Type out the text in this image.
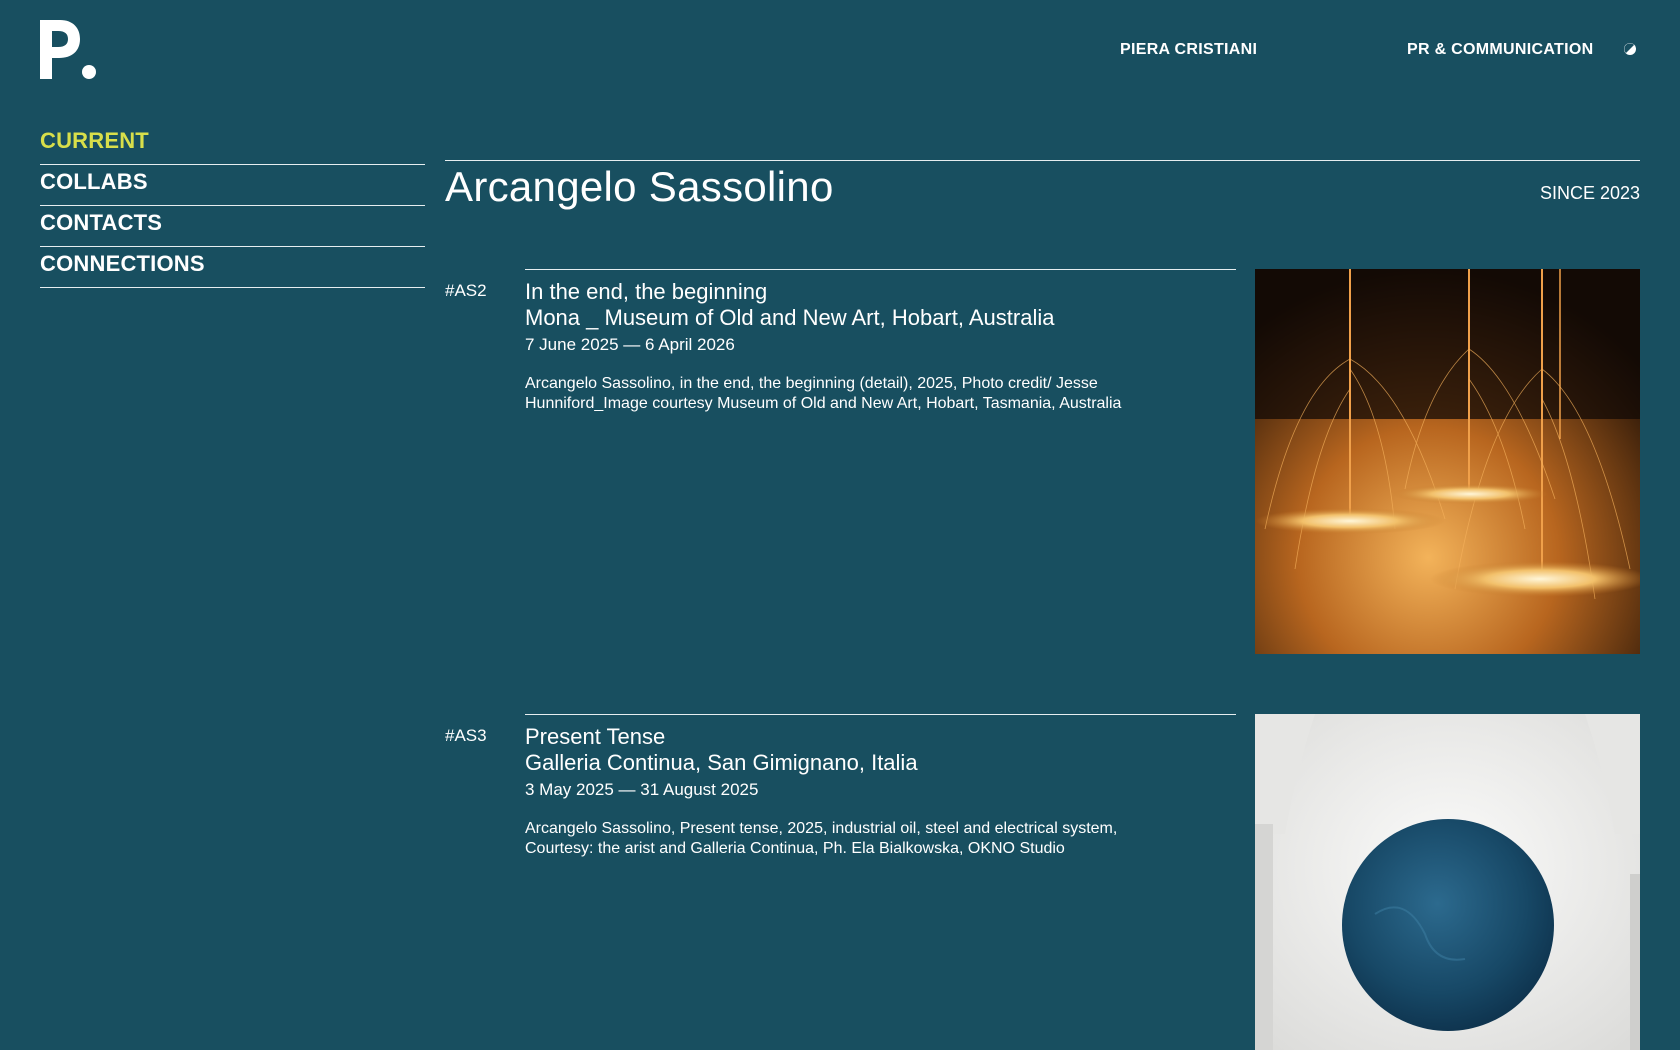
PIERA CRISTIANI	PR & COMMUNICATION
CURRENT
COLLABS
CONTACTS
CONNECTIONS
Arcangelo Sassolino	SINCE 2023
#AS2 In the end, the beginning
Mona _ Museum of Old and New Art, Hobart, Australia
7 June 2025 — 6 April 2026
Arcangelo Sassolino, in the end, the beginning (detail), 2025, Photo credit/ Jesse Hunniford_Image courtesy Museum of Old and New Art, Hobart, Tasmania, Australia
#AS3 Present Tense
Galleria Continua, San Gimignano, Italia
3 May 2025 — 31 August 2025
Arcangelo Sassolino, Present tense, 2025, industrial oil, steel and electrical system, Courtesy: the arist and Galleria Continua, Ph. Ela Bialkowska, OKNO Studio
